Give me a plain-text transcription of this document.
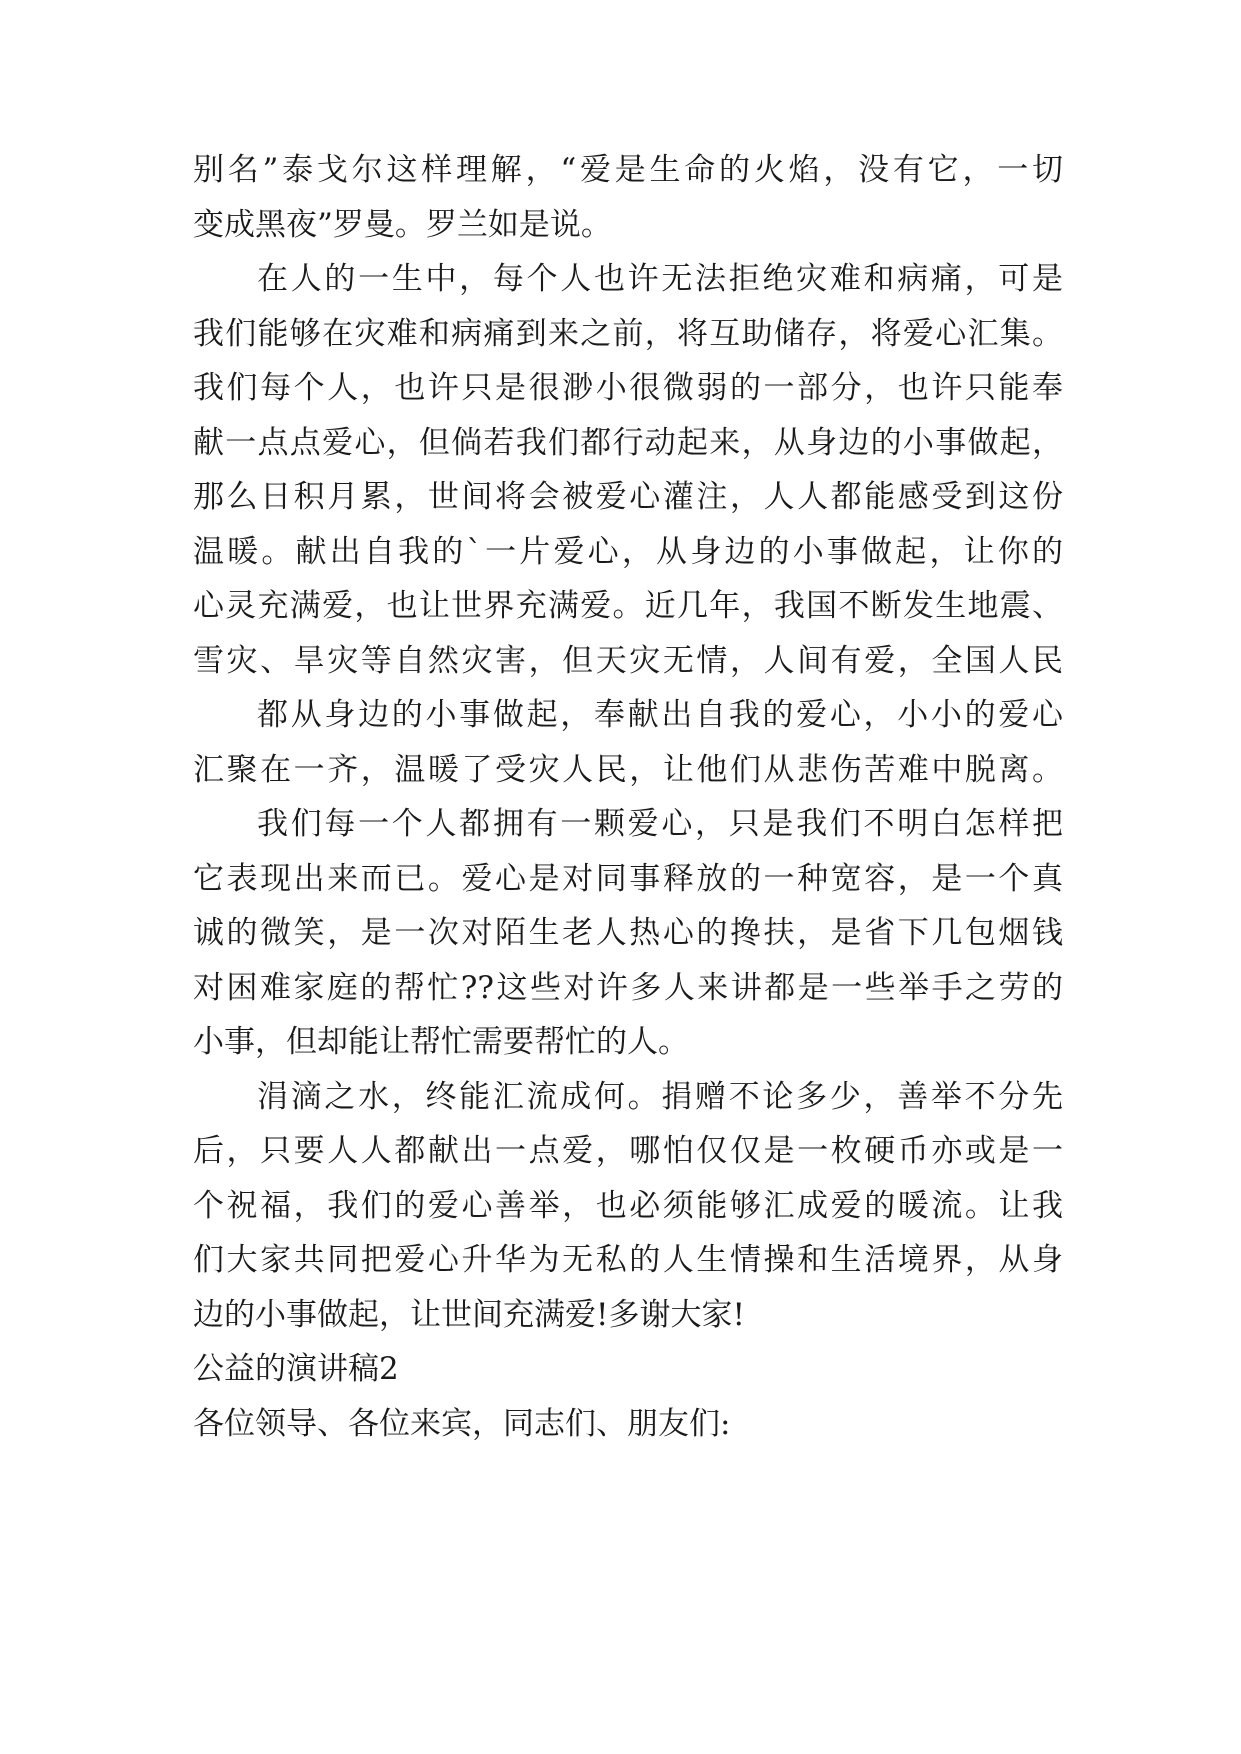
别名”泰戈尔这样理解，“爱是生命的火焰，没有它，一切
变成黑夜”罗曼。罗兰如是说。
在人的一生中，每个人也许无法拒绝灾难和病痛，可是
我们能够在灾难和病痛到来之前，将互助储存，将爱心汇集。
我们每个人，也许只是很渺小很微弱的一部分，也许只能奉
献一点点爱心，但倘若我们都行动起来，从身边的小事做起，
那么日积月累，世间将会被爱心灌注，人人都能感受到这份
温暖。献出自我的`一片爱心，从身边的小事做起，让你的
心灵充满爱，也让世界充满爱。近几年，我国不断发生地震、
雪灾、旱灾等自然灾害，但天灾无情，人间有爱，全国人民
都从身边的小事做起，奉献出自我的爱心，小小的爱心
汇聚在一齐，温暖了受灾人民，让他们从悲伤苦难中脱离。
我们每一个人都拥有一颗爱心，只是我们不明白怎样把
它表现出来而已。爱心是对同事释放的一种宽容，是一个真
诚的微笑，是一次对陌生老人热心的搀扶，是省下几包烟钱
对困难家庭的帮忙??这些对许多人来讲都是一些举手之劳的
小事，但却能让帮忙需要帮忙的人。
涓滴之水，终能汇流成何。捐赠不论多少，善举不分先
后，只要人人都献出一点爱，哪怕仅仅是一枚硬币亦或是一
个祝福，我们的爱心善举，也必须能够汇成爱的暖流。让我
们大家共同把爱心升华为无私的人生情操和生活境界，从身
边的小事做起，让世间充满爱!多谢大家!
公益的演讲稿2
各位领导、各位来宾，同志们、朋友们:
